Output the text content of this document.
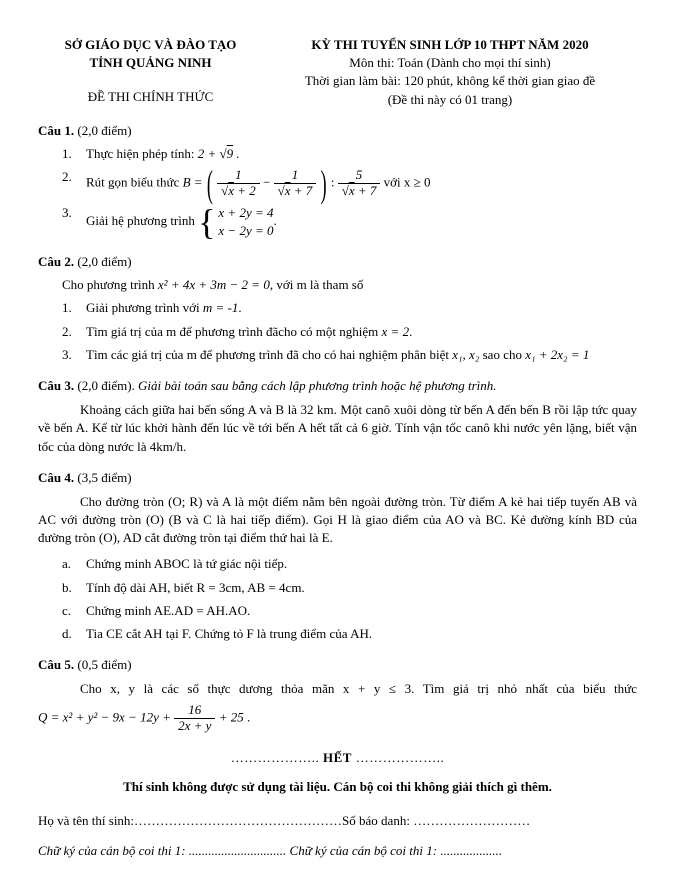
SỞ GIÁO DỤC VÀ ĐÀO TẠO
TỈNH QUẢNG NINH
ĐỀ THI CHÍNH THỨC
KỲ THI TUYỂN SINH LỚP 10 THPT NĂM 2020
Môn thi: Toán (Dành cho mọi thí sinh)
Thời gian làm bài: 120 phút, không kể thời gian giao đề
(Đề thi này có 01 trang)
Câu 1. (2,0 điểm)
1.	Thực hiện phép tính: 2 + √9 .
2.	Rút gọn biểu thức B = ( $\frac{1}{√x + 2} - \frac{1}{√x + 7}$ ) : $\frac{5}{√x + 7}$ với x ≥ 0
3.
Giải hệ phương trình { x + 2y = 4
x − 2y = 0
.
Câu 2. (2,0 điểm)
Cho phương trình x² + 4x + 3m − 2 = 0, với m là tham số
1.	Giải phương trình với m = -1.
2.	Tìm giá trị của m để phương trình đãcho có một nghiệm x = 2.
3.	Tìm các giá trị của m để phương trình đã cho có hai nghiệm phân biệt x₁, x₂ sao cho x₁ + 2x₂ = 1
Câu 3. (2,0 điểm). Giải bài toán sau bằng cách lập phương trình hoặc hệ phương trình.
Khoảng cách giữa hai bến sống A và B là 32 km. Một canô xuôi dòng từ bến A đến bến B rồi lập tức quay về bến A. Kể từ lúc khởi hành đến lúc về tới bến A hết tất cả 6 giờ. Tính vận tốc canô khi nước yên lặng, biết vận tốc của dòng nước là 4km/h.
Câu 4. (3,5 điểm)
Cho đường tròn (O; R) và A là một điểm nằm bên ngoài đường tròn. Từ điểm A kẻ hai tiếp tuyến AB và AC với đường tròn (O) (B và C là hai tiếp điểm). Gọi H là giao điểm của AO và BC. Kẻ đường kính BD của đường tròn (O), AD cắt đường tròn tại điểm thứ hai là E.
a.	Chứng minh ABOC là tứ giác nội tiếp.
b.	Tính độ dài AH, biết R = 3cm, AB = 4cm.
c.	Chứng minh AE.AD = AH.AO.
d.	Tia CE cắt AH tại F. Chứng tỏ F là trung điểm của AH.
Câu 5. (0,5 điểm)
Cho x, y là các số thực dương thỏa mãn x + y ≤ 3. Tìm giá trị nhỏ nhất của biểu thức
$Q = x^2 + y^2 - 9x - 12y + \frac{16}{2x + y} + 25$ .
……………….. HẾT ………………..
Thí sinh không được sử dụng tài liệu. Cán bộ coi thi không giải thích gì thêm.
Họ và tên thí sinh:…………………………………………Số báo danh: ………………………
Chữ ký của cán bộ coi thi 1: .............................. Chữ ký của cán bộ coi thi 1: ...................
